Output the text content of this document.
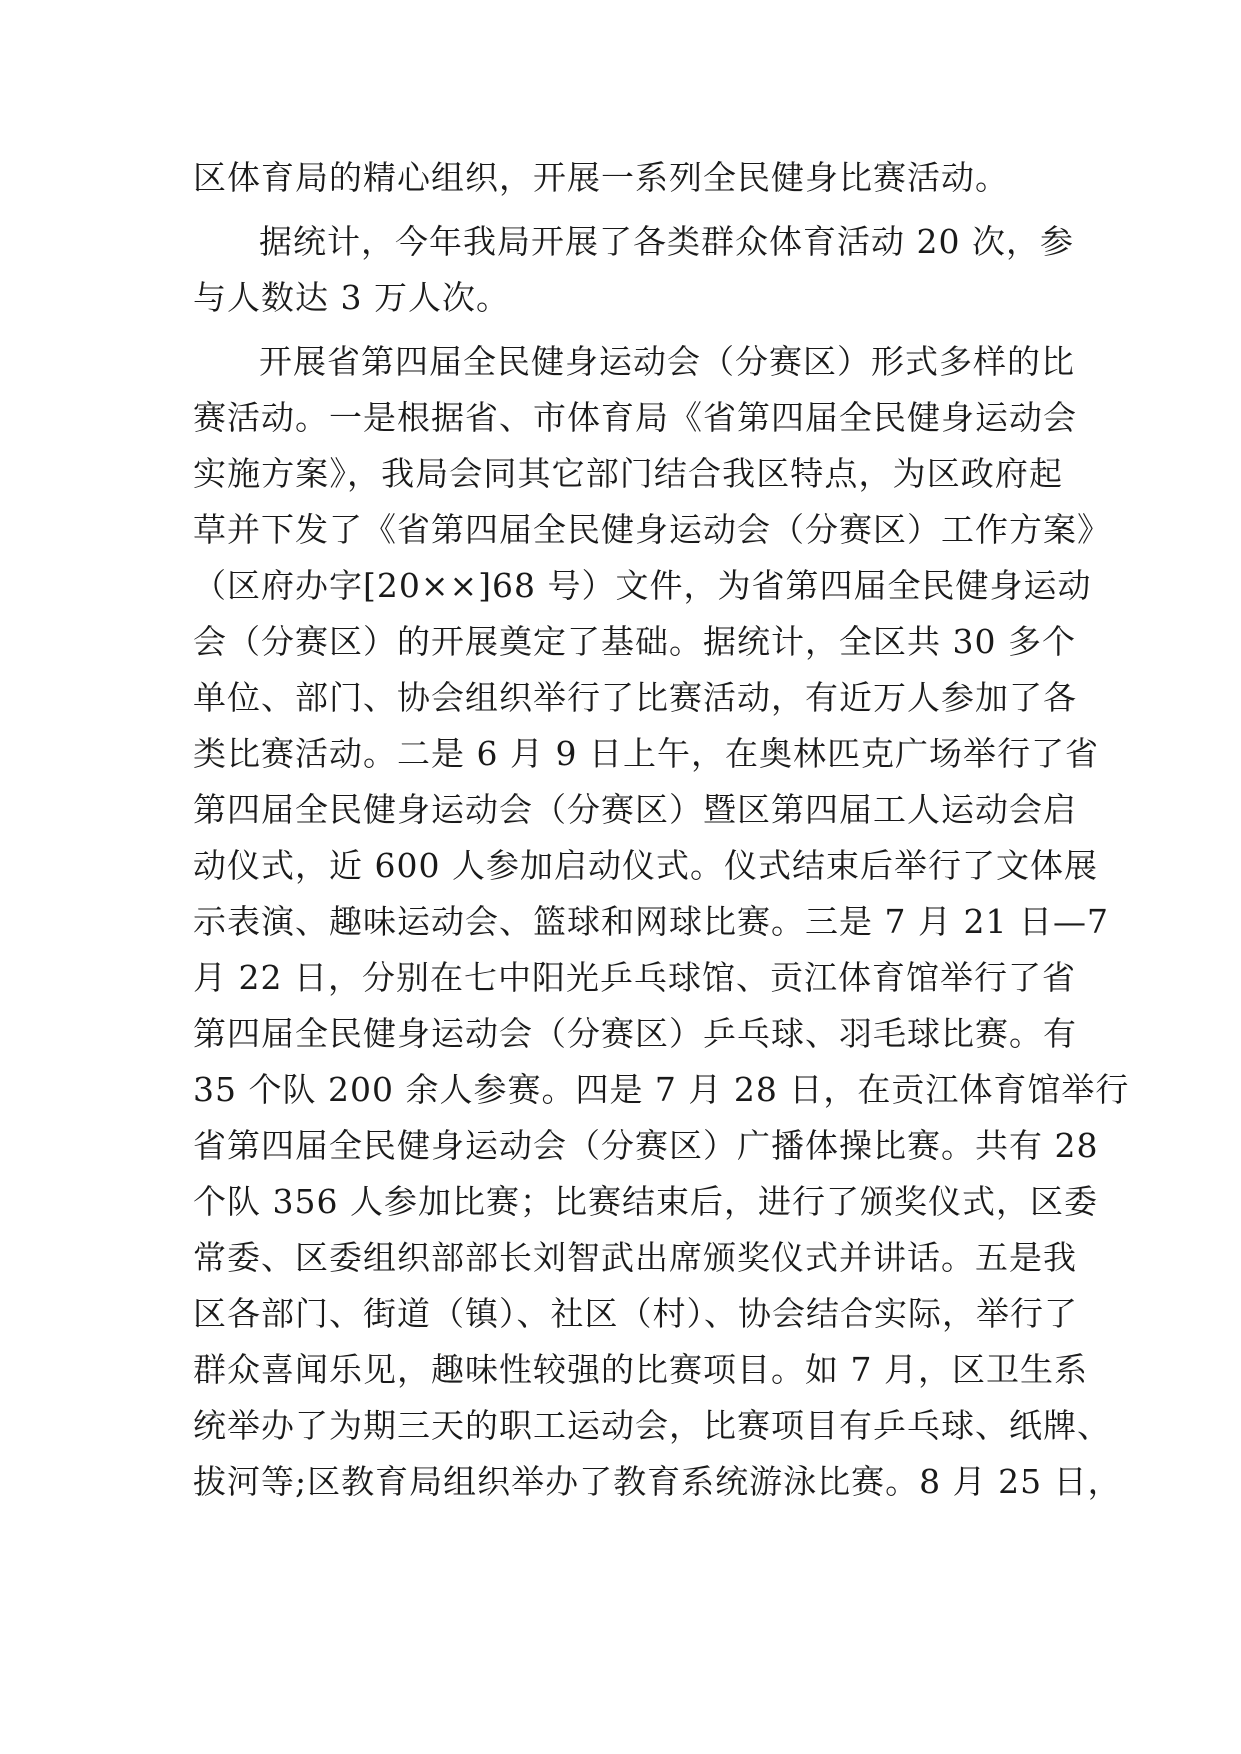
区体育局的精心组织，开展一系列全民健身比赛活动。
据统计，今年我局开展了各类群众体育活动 20 次，参
与人数达 3 万人次。
开展省第四届全民健身运动会（分赛区）形式多样的比
赛活动。一是根据省、市体育局《省第四届全民健身运动会
实施方案》，我局会同其它部门结合我区特点，为区政府起
草并下发了《省第四届全民健身运动会（分赛区）工作方案》
（区府办字[20××]68 号）文件，为省第四届全民健身运动
会（分赛区）的开展奠定了基础。据统计，全区共 30 多个
单位、部门、协会组织举行了比赛活动，有近万人参加了各
类比赛活动。二是 6 月 9 日上午，在奥林匹克广场举行了省
第四届全民健身运动会（分赛区）暨区第四届工人运动会启
动仪式，近 600 人参加启动仪式。仪式结束后举行了文体展
示表演、趣味运动会、篮球和网球比赛。三是 7 月 21 日—7
月 22 日，分别在七中阳光乒乓球馆、贡江体育馆举行了省
第四届全民健身运动会（分赛区）乒乓球、羽毛球比赛。有
35 个队 200 余人参赛。四是 7 月 28 日，在贡江体育馆举行
省第四届全民健身运动会（分赛区）广播体操比赛。共有 28
个队 356 人参加比赛；比赛结束后，进行了颁奖仪式，区委
常委、区委组织部部长刘智武出席颁奖仪式并讲话。五是我
区各部门、街道（镇）、社区（村）、协会结合实际，举行了
群众喜闻乐见，趣味性较强的比赛项目。如 7 月，区卫生系
统举办了为期三天的职工运动会，比赛项目有乒乓球、纸牌、
拔河等;区教育局组织举办了教育系统游泳比赛。8 月 25 日，
